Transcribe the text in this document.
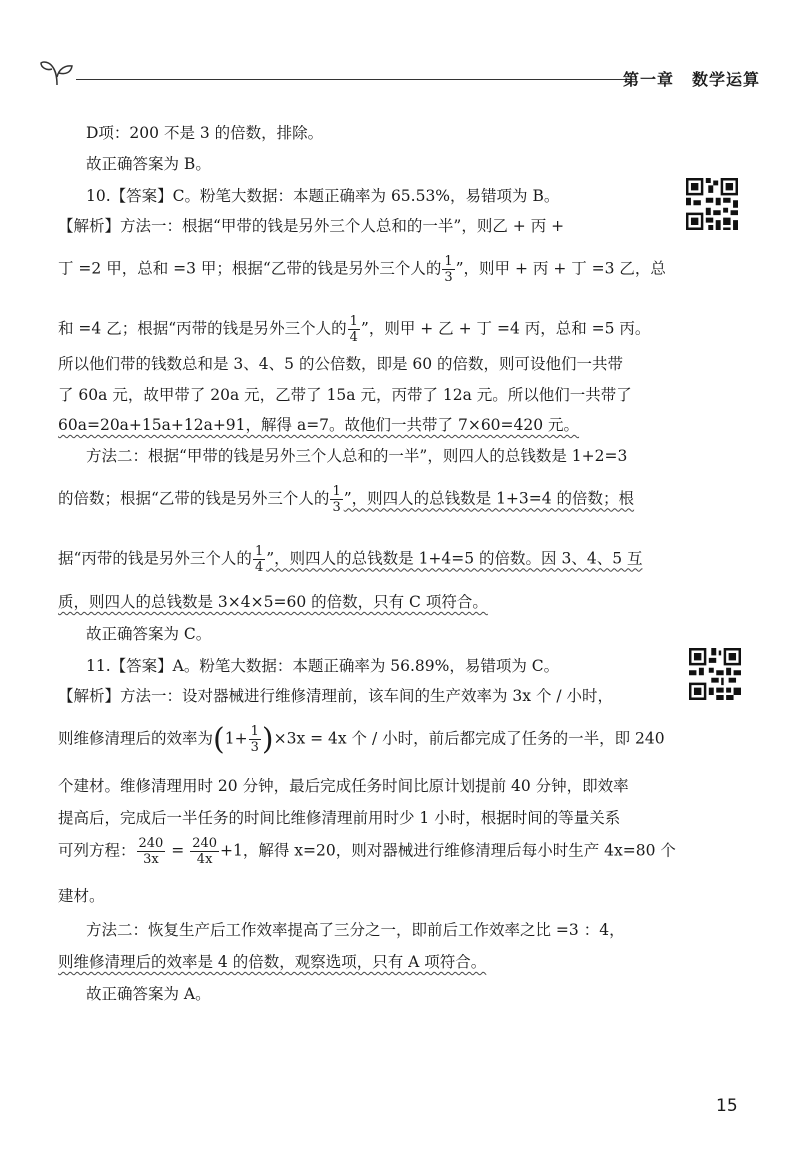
第一章 数学运算
D项：200 不是 3 的倍数，排除。
故正确答案为 B。
10.【答案】C。粉笔大数据：本题正确率为 65.53%，易错项为 B。
【解析】方法一：根据“甲带的钱是另外三个人总和的一半”，则乙 + 丙 +
丁 =2 甲，总和 =3 甲；根据“乙带的钱是另外三个人的 $\frac{1}{3}$ ”，则甲 + 丙 + 丁 =3 乙，总
和 =4 乙；根据“丙带的钱是另外三个人的 $\frac{1}{4}$ ”，则甲 + 乙 + 丁 =4 丙，总和 =5 丙。
所以他们带的钱数总和是 3、4、5 的公倍数，即是 60 的倍数，则可设他们一共带
了 60a 元，故甲带了 20a 元，乙带了 15a 元，丙带了 12a 元。所以他们一共带了
60a=20a+15a+12a+91，解得 a=7。故他们一共带了 7×60=420 元。
方法二：根据“甲带的钱是另外三个人总和的一半”，则四人的总钱数是 1+2=3
的倍数；根据“乙带的钱是另外三个人的 $\frac{1}{3}$ ”，则四人的总钱数是 1+3=4 的倍数；根
据“丙带的钱是另外三个人的 $\frac{1}{4}$ ”，则四人的总钱数是 1+4=5 的倍数。因 3、4、5 互
质，则四人的总钱数是 3×4×5=60 的倍数，只有 C 项符合。
故正确答案为 C。
11.【答案】A。粉笔大数据：本题正确率为 56.89%，易错项为 C。
【解析】方法一：设对器械进行维修清理前，该车间的生产效率为 3x 个 / 小时，
则维修清理后的效率为$(1+ \frac{1}{3} )\times 3x = 4x$ 个 / 小时，前后都完成了任务的一半，即 240
个建材。维修清理用时 20 分钟，最后完成任务时间比原计划提前 40 分钟，即效率
提高后，完成后一半任务的时间比维修清理前用时少 1 小时，根据时间的等量关系
可列方程： $\frac{240}{3x} = \frac{240}{4x} +1$，解得 x=20，则对器械进行维修清理后每小时生产 4x=80 个
建材。
方法二：恢复生产后工作效率提高了三分之一，即前后工作效率之比 =3 ：4，
则维修清理后的效率是 4 的倍数，观察选项，只有 A 项符合。
故正确答案为 A。
15
